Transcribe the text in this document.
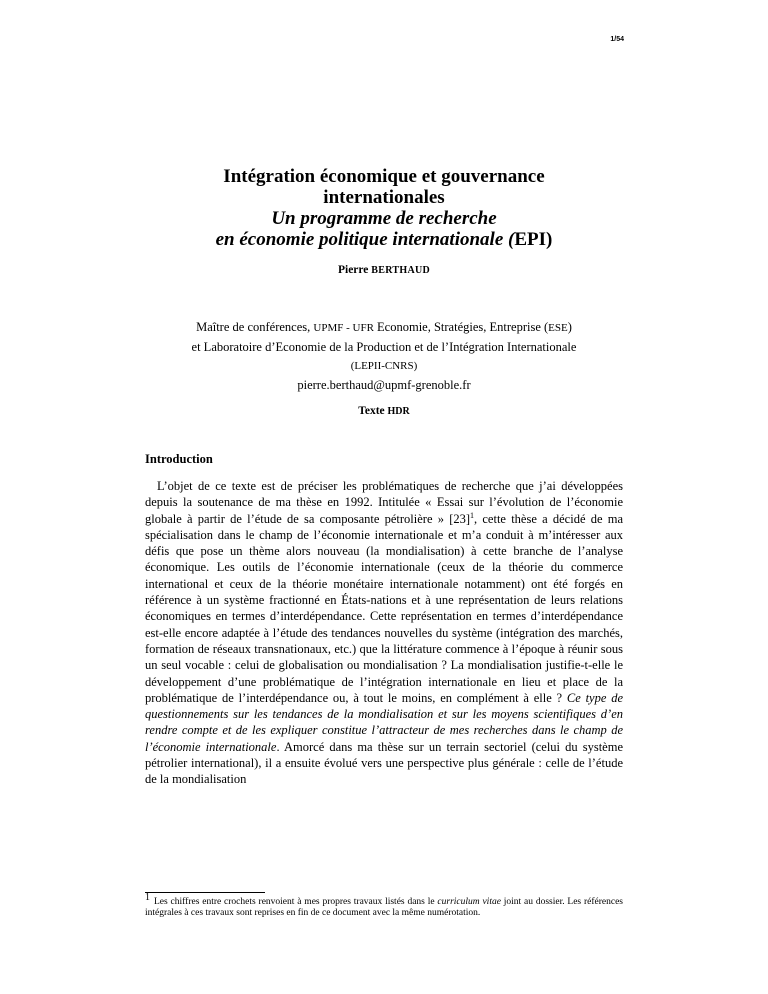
1/54
Intégration économique et gouvernance
internationales
Un programme de recherche
en économie politique internationale (EPI)
Pierre BERTHAUD
Maître de conférences, UPMF - UFR Economie, Stratégies, Entreprise (ESE)
et Laboratoire d’Economie de la Production et de l’Intégration Internationale
(LEPII-CNRS)
pierre.berthaud@upmf-grenoble.fr
Texte HDR
Introduction

L’objet de ce texte est de préciser les problématiques de recherche que j’ai développées depuis la soutenance de ma thèse en 1992. Intitulée « Essai sur l’évolution de l’économie globale à partir de l’étude de sa composante pétrolière » $[23]^1$, cette thèse a décidé de ma spécialisation dans le champ de l’économie internationale et m’a conduit à m’intéresser aux défis que pose un thème alors nouveau (la mondialisation) à cette branche de l’analyse économique. Les outils de l’économie internationale (ceux de la théorie du commerce international et ceux de la théorie monétaire internationale notamment) ont été forgés en référence à un système fractionné en États-nations et à une représentation de leurs relations économiques en termes d’interdépendance. Cette représentation en termes d’interdépendance est-elle encore adaptée à l’étude des tendances nouvelles du système (intégration des marchés, formation de réseaux transnationaux, etc.) que la littérature commence à l’époque à réunir sous un seul vocable : celui de globalisation ou mondialisation ? La mondialisation justifie-t-elle le développement d’une problématique de l’intégration internationale en lieu et place de la problématique de l’interdépendance ou, à tout le moins, en complément à elle ? Ce type de questionnements sur les tendances de la mondialisation et sur les moyens scientifiques d’en rendre compte et de les expliquer constitue l’attracteur de mes recherches dans le champ de l’économie internationale. Amorcé dans ma thèse sur un terrain sectoriel (celui du système pétrolier international), il a ensuite évolué vers une perspective plus générale : celle de l’étude de la mondialisation

1 Les chiffres entre crochets renvoient à mes propres travaux listés dans le curriculum vitae joint au dossier. Les références intégrales à ces travaux sont reprises en fin de ce document avec la même numérotation.
